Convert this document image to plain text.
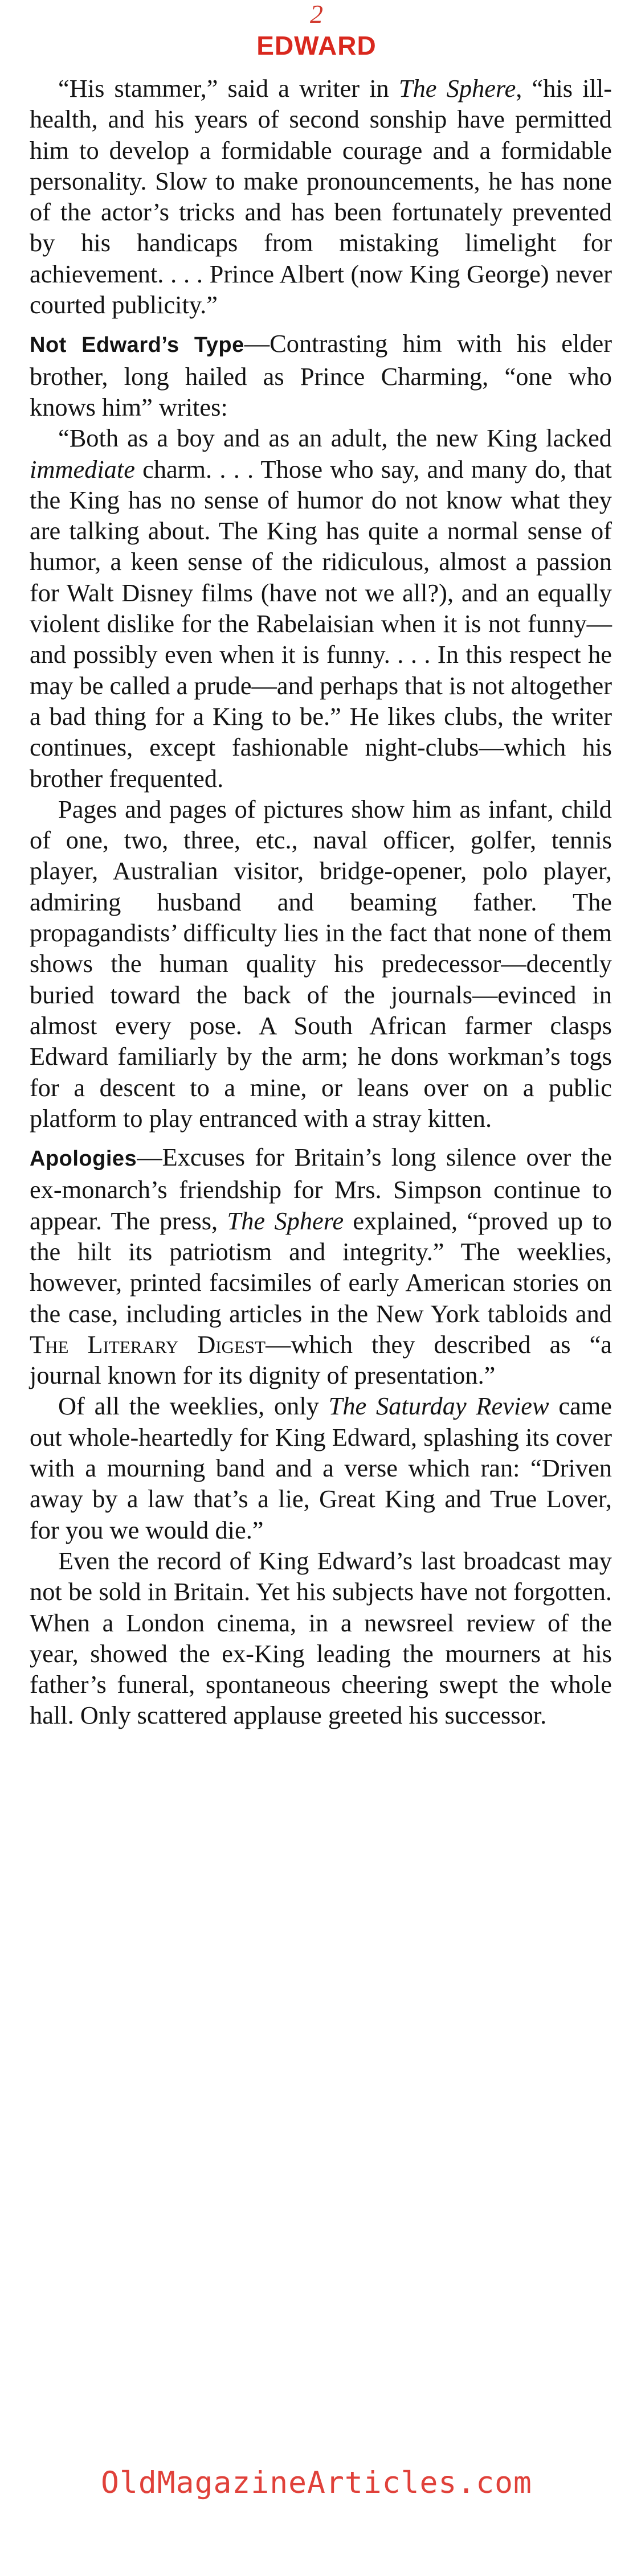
2
EDWARD

“His stammer,” said a writer in The Sphere, “his ill-health, and his years of second sonship have permitted him to develop a formidable courage and a formidable personality. Slow to make pronouncements, he has none of the actor’s tricks and has been fortunately prevented by his handicaps from mistaking limelight for achievement. . . . Prince Albert (now King George) never courted publicity.”

Not Edward’s Type—Contrasting him with his elder brother, long hailed as Prince Charming, “one who knows him” writes:

“Both as a boy and as an adult, the new King lacked immediate charm. . . . Those who say, and many do, that the King has no sense of humor do not know what they are talking about. The King has quite a normal sense of humor, a keen sense of the ridiculous, almost a passion for Walt Disney films (have not we all?), and an equally violent dislike for the Rabelaisian when it is not funny—and possibly even when it is funny. . . . In this respect he may be called a prude—and perhaps that is not altogether a bad thing for a King to be.” He likes clubs, the writer continues, except fashionable night-clubs—which his brother frequented.

Pages and pages of pictures show him as infant, child of one, two, three, etc., naval officer, golfer, tennis player, Australian visitor, bridge-opener, polo player, admiring husband and beaming father. The propagandists’ difficulty lies in the fact that none of them shows the human quality his predecessor—decently buried toward the back of the journals—evinced in almost every pose. A South African farmer clasps Edward familiarly by the arm; he dons workman’s togs for a descent to a mine, or leans over on a public platform to play entranced with a stray kitten.

Apologies—Excuses for Britain’s long silence over the ex-monarch’s friendship for Mrs. Simpson continue to appear. The press, The Sphere explained, “proved up to the hilt its patriotism and integrity.” The weeklies, however, printed facsimiles of early American stories on the case, including articles in the New York tabloids and The Literary Digest—which they described as “a journal known for its dignity of presentation.”

Of all the weeklies, only The Saturday Review came out whole-heartedly for King Edward, splashing its cover with a mourning band and a verse which ran: “Driven away by a law that’s a lie, Great King and True Lover, for you we would die.”

Even the record of King Edward’s last broadcast may not be sold in Britain. Yet his subjects have not forgotten. When a London cinema, in a newsreel review of the year, showed the ex-King leading the mourners at his father’s funeral, spontaneous cheering swept the whole hall. Only scattered applause greeted his successor.

OldMagazineArticles.com
